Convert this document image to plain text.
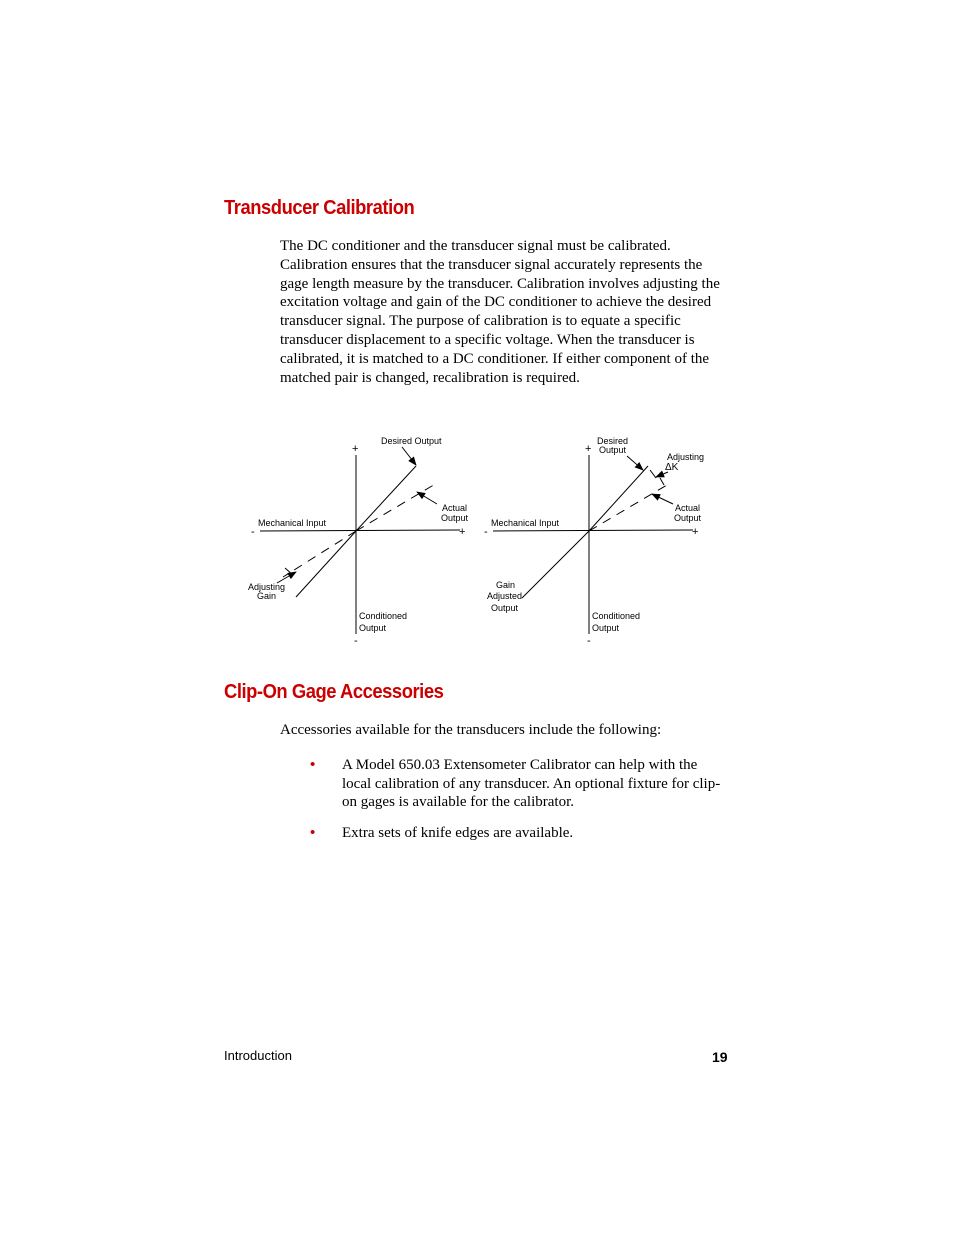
Transducer Calibration

The DC conditioner and the transducer signal must be calibrated. Calibration ensures that the transducer signal accurately represents the gage length measure by the transducer. Calibration involves adjusting the excitation voltage and gain of the DC conditioner to achieve the desired transducer signal. The purpose of calibration is to equate a specific transducer displacement to a specific voltage. When the transducer is calibrated, it is matched to a DC conditioner. If either component of the matched pair is changed, recalibration is required.

+
-	+
-
Desired Output
Actual
Output
Mechanical Input
Adjusting
Gain
Conditioned
Output
+
-	+
-
Desired
Output
Adjusting
ΔK
Actual
Output
Mechanical Input
Gain
Adjusted
Output
Conditioned
Output
Clip-On Gage Accessories

Accessories available for the transducers include the following:

• A Model 650.03 Extensometer Calibrator can help with the local calibration of any transducer. An optional fixture for clip-on gages is available for the calibrator.
• Extra sets of knife edges are available.
Introduction	19
